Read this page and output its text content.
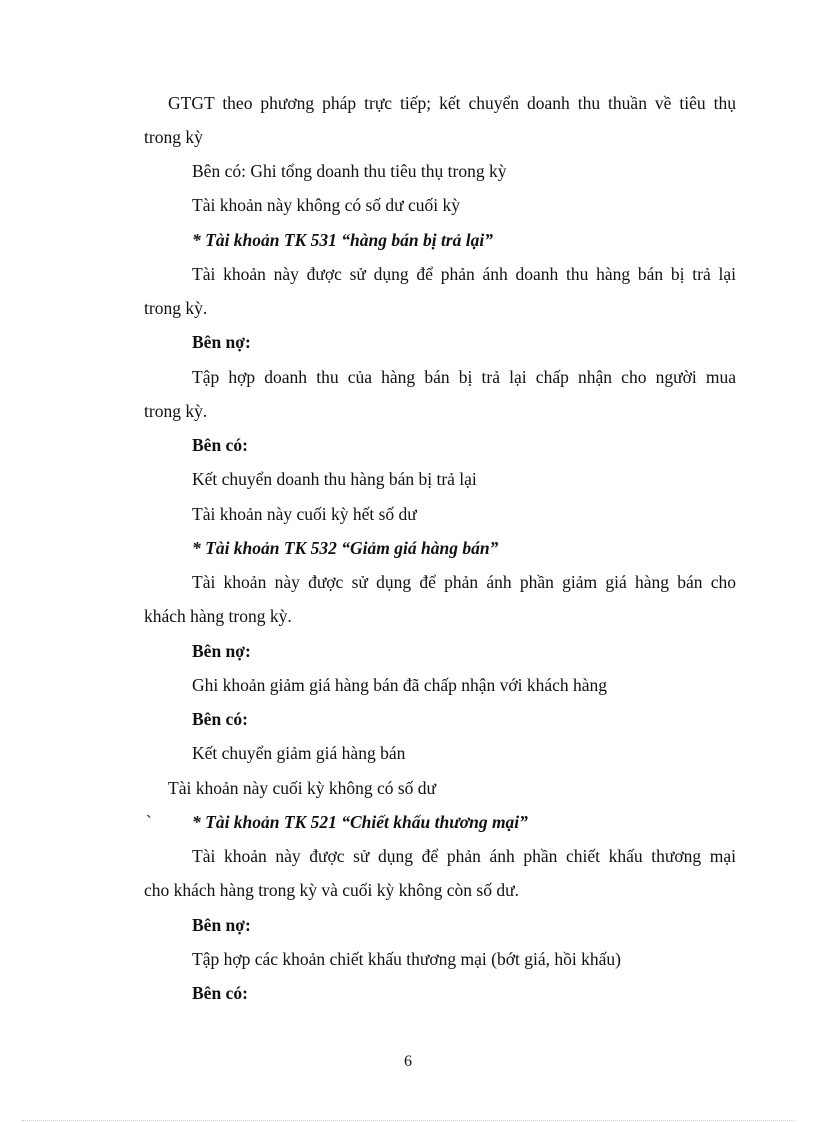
GTGT theo phương pháp trực tiếp; kết chuyển doanh thu thuần về tiêu thụ
trong kỳ
Bên có: Ghi tổng doanh thu tiêu thụ trong kỳ
Tài khoản này không có số dư cuối kỳ
* Tài khoản TK 531 “hàng bán bị trả lại”
Tài khoản này được sử dụng để phản ánh doanh thu hàng bán bị trả lại
trong kỳ.
Bên nợ:
Tập hợp doanh thu của hàng bán bị trả lại chấp nhận cho người mua
trong kỳ.
Bên có:
Kết chuyển doanh thu hàng bán bị trả lại
Tài khoản này cuối kỳ hết số dư
* Tài khoản TK 532 “Giảm giá hàng bán”
Tài khoản này được sử dụng để phản ánh phần giảm giá hàng bán cho
khách hàng trong kỳ.
Bên nợ:
Ghi khoản giảm giá hàng bán đã chấp nhận với khách hàng
Bên có:
Kết chuyển giảm giá hàng bán
Tài khoản này cuối kỳ không có số dư
` * Tài khoản TK 521 “Chiết khấu thương mại”
Tài khoản này được sử dụng để phản ánh phần chiết khấu thương mại
cho khách hàng trong kỳ và cuối kỳ không còn số dư.
Bên nợ:
Tập hợp các khoản chiết khấu thương mại (bớt giá, hồi khấu)
Bên có:
6
